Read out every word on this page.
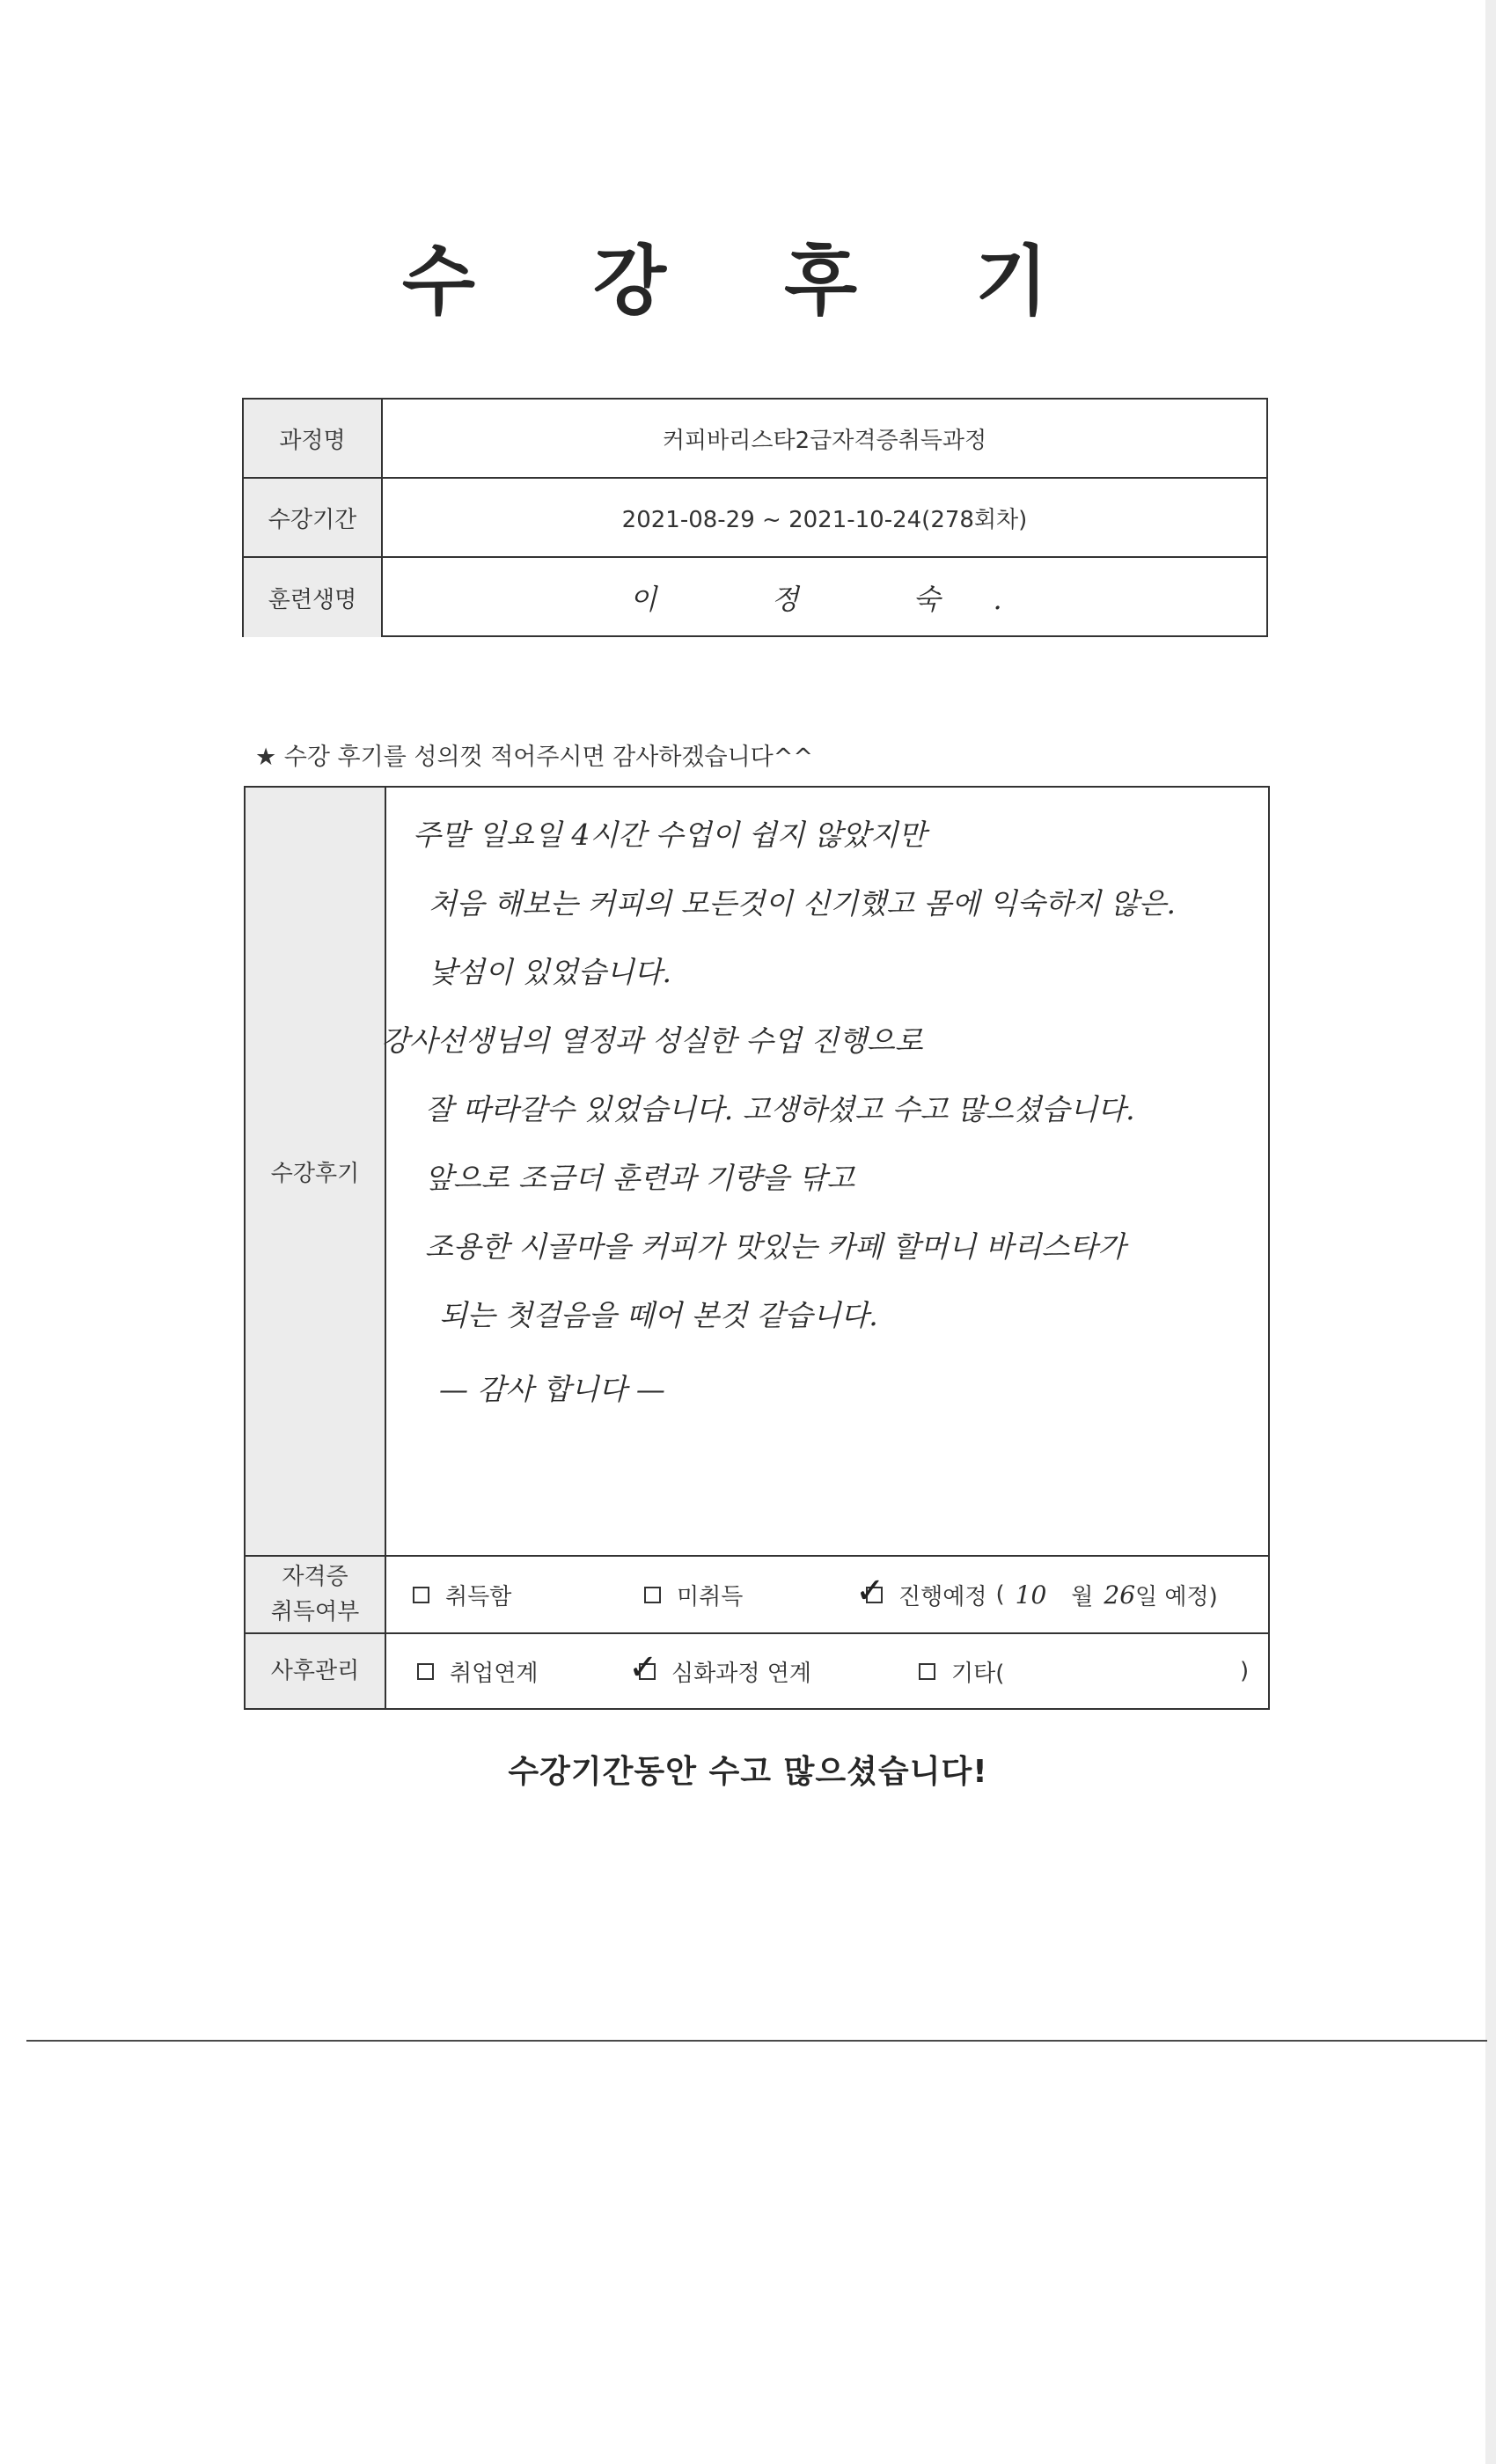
수 강 후 기
과정명	커피바리스타2급자격증취득과정
수강기간	2021-08-29 ~ 2021-10-24(278회차)
훈련생명	이 정 숙.
★ 수강 후기를 성의껏 적어주시면 감사하겠습니다^^
수강후기
주말 일요일 4시간 수업이 쉽지 않았지만
처음 해보는 커피의 모든것이 신기했고 몸에 익숙하지 않은.
낯섬이 있었습니다.
강사선생님의 열정과 성실한 수업 진행으로
잘 따라갈수 있었습니다. 고생하셨고 수고 많으셨습니다.
앞으로 조금더 훈련과 기량을 닦고
조용한 시골마을 커피가 맛있는 카페 할머니 바리스타가
되는 첫걸음을 떼어 본것 같습니다.
— 감사 합니다 —
자격증
취득여부
취득함	미취득	✓ 진행예정 ( 10 월 26 일 예정)
사후관리	취업연계	✓ 심화과정 연계	기타(	)
수강기간동안 수고 많으셨습니다!
